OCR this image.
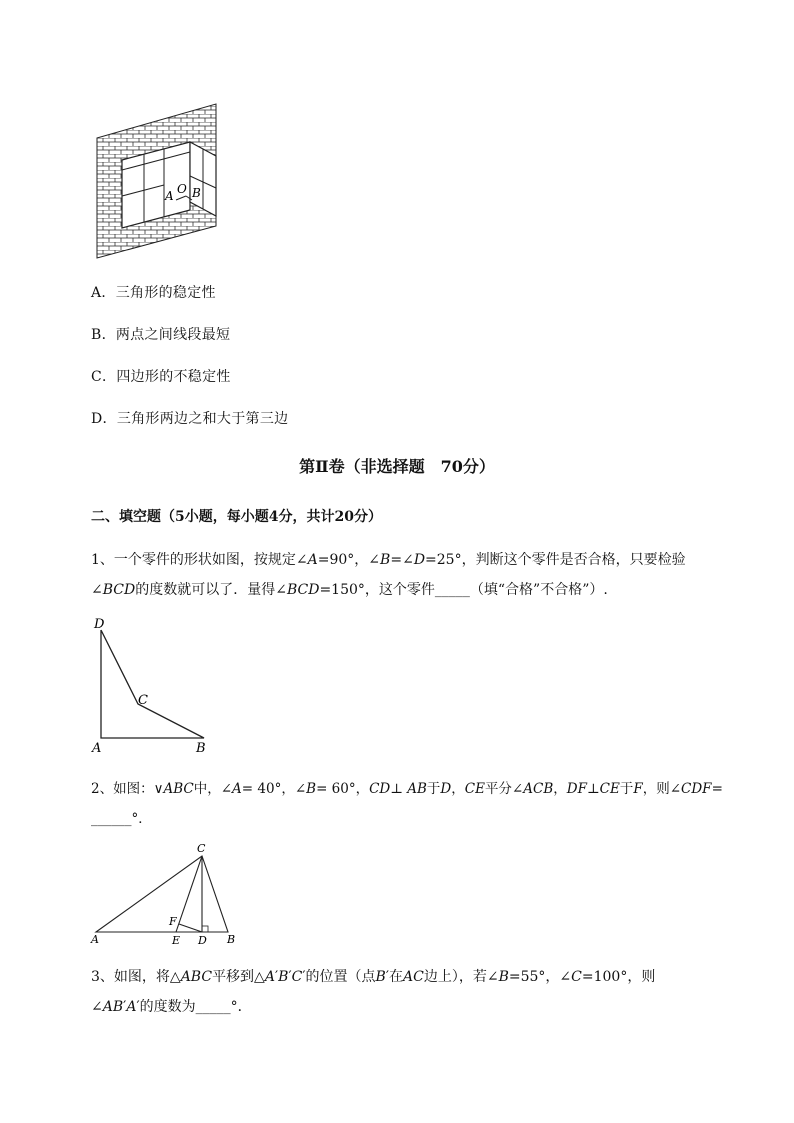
A O B
A．三角形的稳定性
B．两点之间线段最短
C．四边形的不稳定性
D．三角形两边之和大于第三边
第Ⅱ卷（非选择题　70分）
二、填空题（5小题，每小题4分，共计20分）
1、一个零件的形状如图，按规定∠A=90°，∠B=∠D=25°，判断这个零件是否合格，只要检验
∠BCD的度数就可以了．量得∠BCD=150°，这个零件_____（填“合格”不合格”）.
D
C
A	B
2、如图：∨ABC中，∠A= 40°，∠B= 60°，CD⊥ AB于D，CE平分∠ACB，DF⊥CE于F，则∠CDF=
______°．
C
A
F
E D B
3、如图，将△ABC平移到△A′B′C′的位置（点B′在AC边上），若∠B=55°，∠C=100°，则
∠AB′A′的度数为_____°．
